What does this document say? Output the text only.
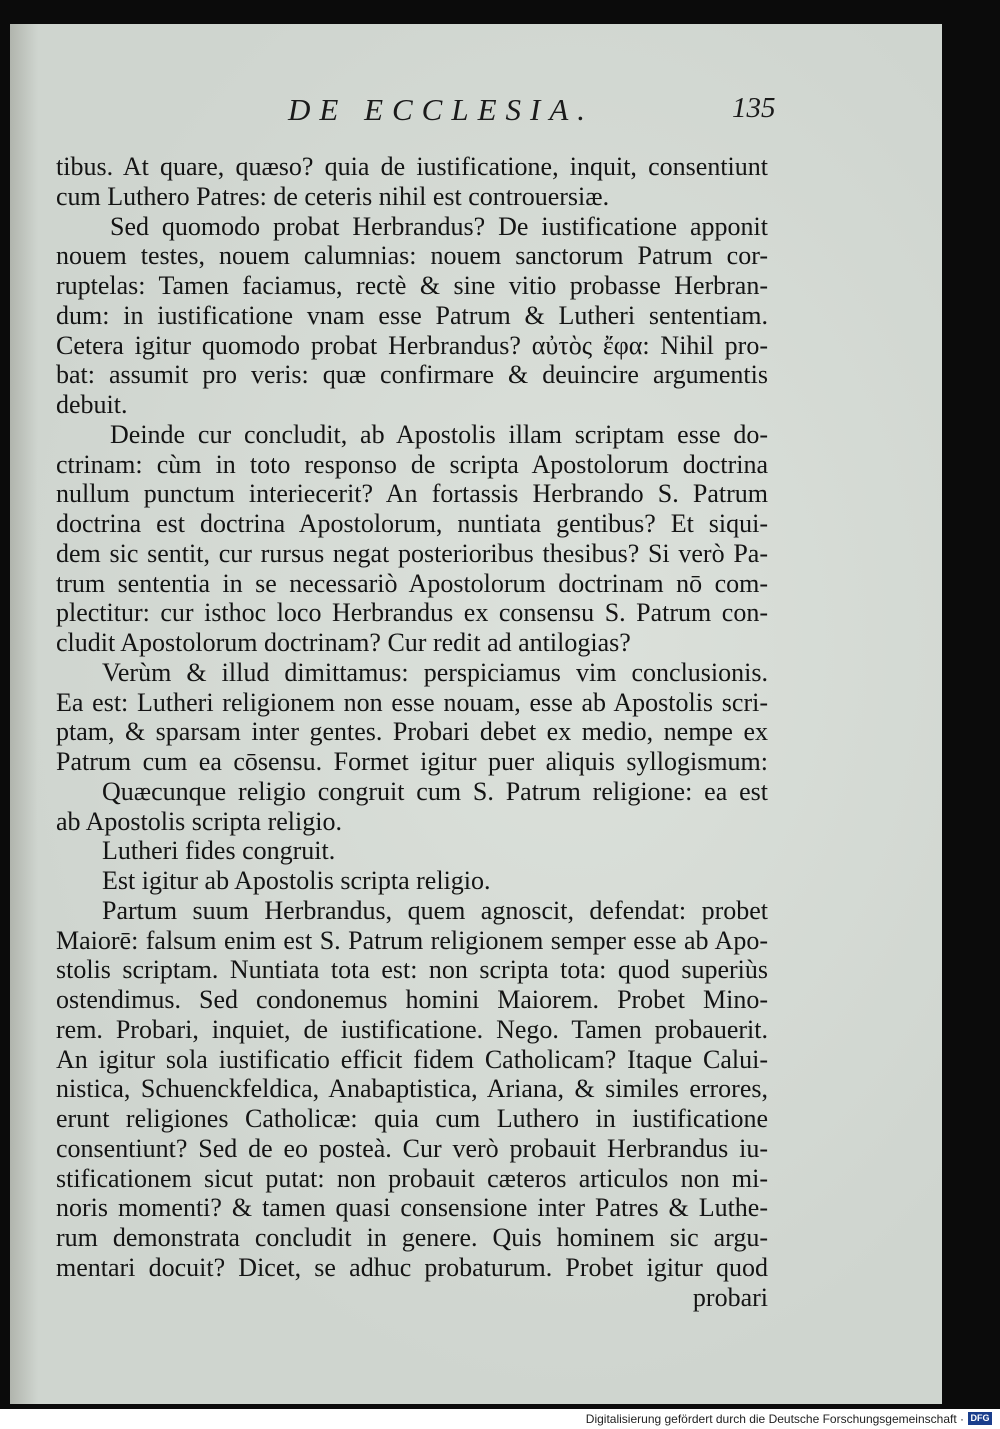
DE ECCLESIA.	135
tibus. At quare, quæso? quia de iustificatione, inquit, consentiunt
cum Luthero Patres: de ceteris nihil est controuersiæ.
Sed quomodo probat Herbrandus? De iustificatione apponit
nouem testes, nouem calumnias: nouem sanctorum Patrum cor-
ruptelas: Tamen faciamus, rectè & sine vitio probasse Herbran-
dum: in iustificatione vnam esse Patrum & Lutheri sententiam.
Cetera igitur quomodo probat Herbrandus? αὐτὸς ἔφα: Nihil pro-
bat: assumit pro veris: quæ confirmare & deuincire argumentis
debuit.
Deinde cur concludit, ab Apostolis illam scriptam esse do-
ctrinam: cùm in toto responso de scripta Apostolorum doctrina
nullum punctum interiecerit? An fortassis Herbrando S. Patrum
doctrina est doctrina Apostolorum, nuntiata gentibus? Et siqui-
dem sic sentit, cur rursus negat posterioribus thesibus? Si verò Pa-
trum sententia in se necessariò Apostolorum doctrinam nō com-
plectitur: cur isthoc loco Herbrandus ex consensu S. Patrum con-
cludit Apostolorum doctrinam? Cur redit ad antilogias?
Verùm & illud dimittamus: perspiciamus vim conclusionis.
Ea est: Lutheri religionem non esse nouam, esse ab Apostolis scri-
ptam, & sparsam inter gentes. Probari debet ex medio, nempe ex
Patrum cum ea cōsensu. Formet igitur puer aliquis syllogismum:
Quæcunque religio congruit cum S. Patrum religione: ea est
ab Apostolis scripta religio.
Lutheri fides congruit.
Est igitur ab Apostolis scripta religio.
Partum suum Herbrandus, quem agnoscit, defendat: probet
Maiorē: falsum enim est S. Patrum religionem semper esse ab Apo-
stolis scriptam. Nuntiata tota est: non scripta tota: quod superiùs
ostendimus. Sed condonemus homini Maiorem. Probet Mino-
rem. Probari, inquiet, de iustificatione. Nego. Tamen probauerit.
An igitur sola iustificatio efficit fidem Catholicam? Itaque Calui-
nistica, Schuenckfeldica, Anabaptistica, Ariana, & similes errores,
erunt religiones Catholicæ: quia cum Luthero in iustificatione
consentiunt? Sed de eo posteà. Cur verò probauit Herbrandus iu-
stificationem sicut putat: non probauit cæteros articulos non mi-
noris momenti? & tamen quasi consensione inter Patres & Luthe-
rum demonstrata concludit in genere. Quis hominem sic argu-
mentari docuit? Dicet, se adhuc probaturum. Probet igitur quod
probari
Digitalisierung gefördert durch die Deutsche Forschungsgemeinschaft · DFG
